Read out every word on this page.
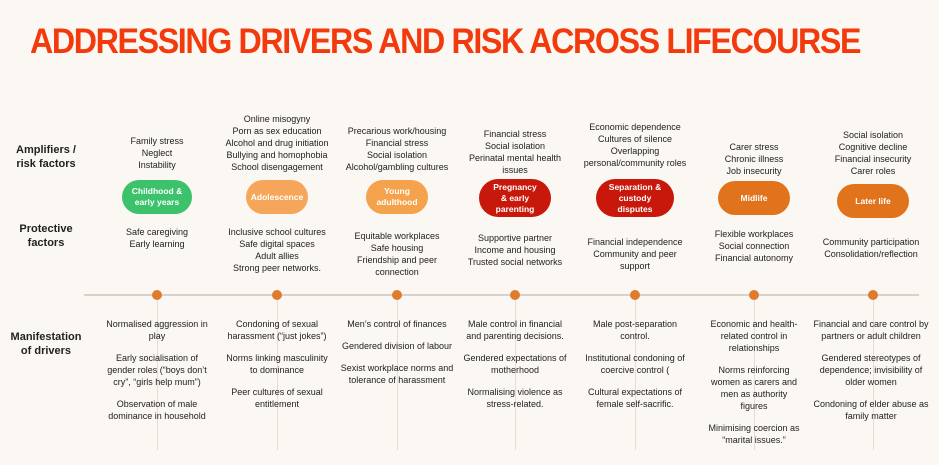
ADDRESSING DRIVERS AND RISK ACROSS LIFECOURSE
Amplifiers / risk factors
Protective factors
Manifestation of drivers
Family stress
Neglect
Instability
Childhood & early years
Safe caregiving
Early learning

Normalised aggression in play

Early socialisation of gender roles (“boys don’t cry”, “girls help mum”)

Observation of male dominance in household

Online misogyny
Porn as sex education
Alcohol and drug initiation
Bullying and homophobia
School disengagement
Adolescence
Inclusive school cultures
Safe digital spaces
Adult allies
Strong peer networks.

Condoning of sexual harassment (“just jokes”)

Norms linking masculinity to dominance

Peer cultures of sexual entitlement

Precarious work/housing
Financial stress
Social isolation
Alcohol/gambling cultures
Young adulthood
Equitable workplaces
Safe housing
Friendship and peer connection

Men’s control of finances

Gendered division of labour

Sexist workplace norms and tolerance of harassment

Financial stress
Social isolation
Perinatal mental health issues
Pregnancy & early parenting
Supportive partner
Income and housing
Trusted social networks

Male control in financial and parenting decisions.

Gendered expectations of motherhood

Normalising violence as stress-related.

Economic dependence
Cultures of silence
Overlapping
personal/community roles
Separation & custody disputes
Financial independence
Community and peer support

Male post-separation control.

Institutional condoning of coercive control (

Cultural expectations of female self-sacrific.

Carer stress
Chronic illness
Job insecurity
Midlife
Flexible workplaces
Social connection
Financial autonomy

Economic and health-related control in relationships

Norms reinforcing women as carers and men as authority figures

Minimising coercion as “marital issues.”

Social isolation
Cognitive decline
Financial insecurity
Carer roles
Later life
Community participation
Consolidation/reflection

Financial and care control by partners or adult children

Gendered stereotypes of dependence; invisibility of older women

Condoning of elder abuse as family matter
